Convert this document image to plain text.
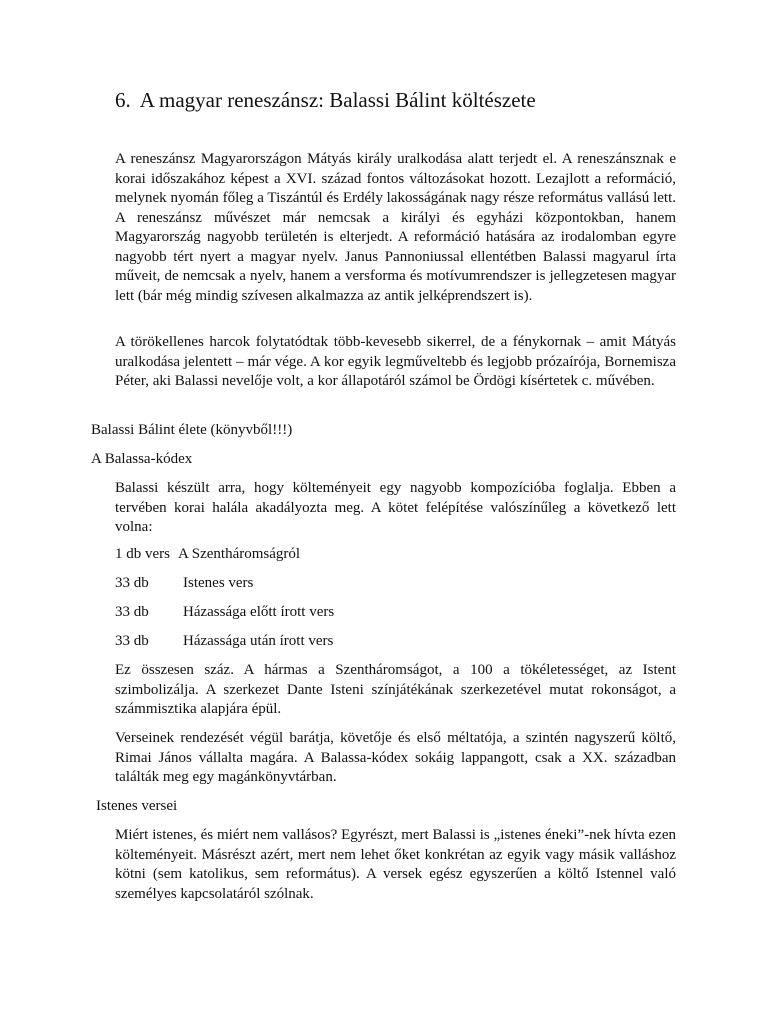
6. A magyar reneszánsz: Balassi Bálint költészete

A reneszánsz Magyarországon Mátyás király uralkodása alatt terjedt el. A reneszánsznak e korai időszakához képest a XVI. század fontos változásokat hozott. Lezajlott a reformáció, melynek nyomán főleg a Tiszántúl és Erdély lakosságának nagy része református vallású lett. A reneszánsz művészet már nemcsak a királyi és egyházi központokban, hanem Magyarország nagyobb területén is elterjedt. A reformáció hatására az irodalomban egyre nagyobb tért nyert a magyar nyelv. Janus Pannoniussal ellentétben Balassi magyarul írta műveit, de nemcsak a nyelv, hanem a versforma és motívumrendszer is jellegzetesen magyar lett (bár még mindig szívesen alkalmazza az antik jelképrendszert is).

A törökellenes harcok folytatódtak több-kevesebb sikerrel, de a fénykornak – amit Mátyás uralkodása jelentett – már vége. A kor egyik legműveltebb és legjobb prózaírója, Bornemisza Péter, aki Balassi nevelője volt, a kor állapotáról számol be Ördögi kísértetek c. művében.

Balassi Bálint élete (könyvből!!!)

A Balassa-kódex

Balassi készült arra, hogy költeményeit egy nagyobb kompozícióba foglalja. Ebben a tervében korai halála akadályozta meg. A kötet felépítése valószínűleg a következő lett volna:

1 db vers A Szentháromságról
33 db Istenes vers
33 db Házassága előtt írott vers
33 db Házassága után írott vers

Ez összesen száz. A hármas a Szentháromságot, a 100 a tökéletességet, az Istent szimbolizálja. A szerkezet Dante Isteni színjátékának szerkezetével mutat rokonságot, a számmisztika alapjára épül.

Verseinek rendezését végül barátja, követője és első méltatója, a szintén nagyszerű költő, Rimai János vállalta magára. A Balassa-kódex sokáig lappangott, csak a XX. században találták meg egy magánkönyvtárban.

Istenes versei

Miért istenes, és miért nem vallásos? Egyrészt, mert Balassi is „istenes éneki”-nek hívta ezen költeményeit. Másrészt azért, mert nem lehet őket konkrétan az egyik vagy másik valláshoz kötni (sem katolikus, sem református). A versek egész egyszerűen a költő Istennel való személyes kapcsolatáról szólnak.
